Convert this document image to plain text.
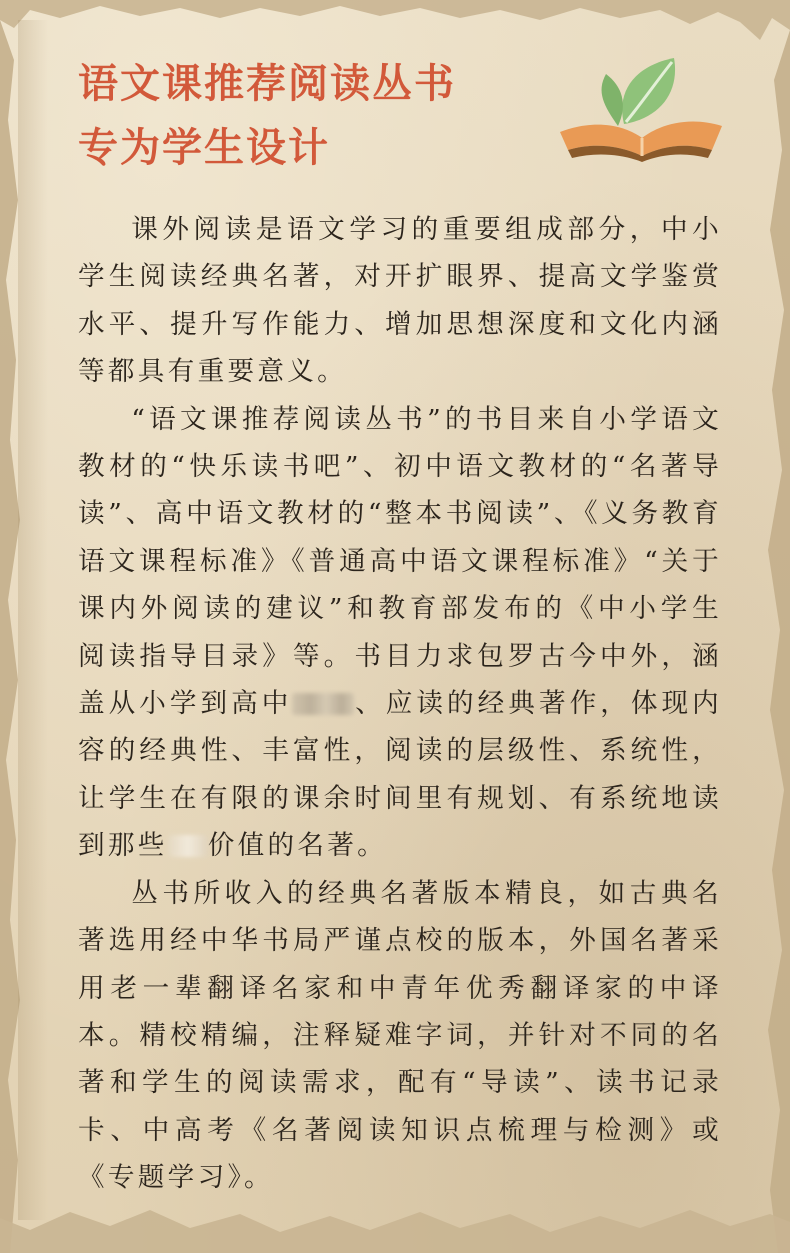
语文课推荐阅读丛书
专为学生设计

课外阅读是语文学习的重要组成部分，中小学生阅读经典名著，对开扩眼界、提高文学鉴赏水平、提升写作能力、增加思想深度和文化内涵等都具有重要意义。

“语文课推荐阅读丛书”的书目来自小学语文教材的“快乐读书吧”、初中语文教材的“名著导读”、高中语文教材的“整本书阅读”、《义务教育语文课程标准》《普通高中语文课程标准》“关于课内外阅读的建议”和教育部发布的《中小学生阅读指导目录》等。书目力求包罗古今中外，涵盖从小学到高中 、应读的经典著作，体现内容的经典性、丰富性，阅读的层级性、系统性，让学生在有限的课余时间里有规划、有系统地读到那些 价值的名著。

丛书所收入的经典名著版本精良，如古典名著选用经中华书局严谨点校的版本，外国名著采用老一辈翻译名家和中青年优秀翻译家的中译本。精校精编，注释疑难字词，并针对不同的名著和学生的阅读需求，配有“导读”、读书记录卡、中高考《名著阅读知识点梳理与检测》或《专题学习》。
